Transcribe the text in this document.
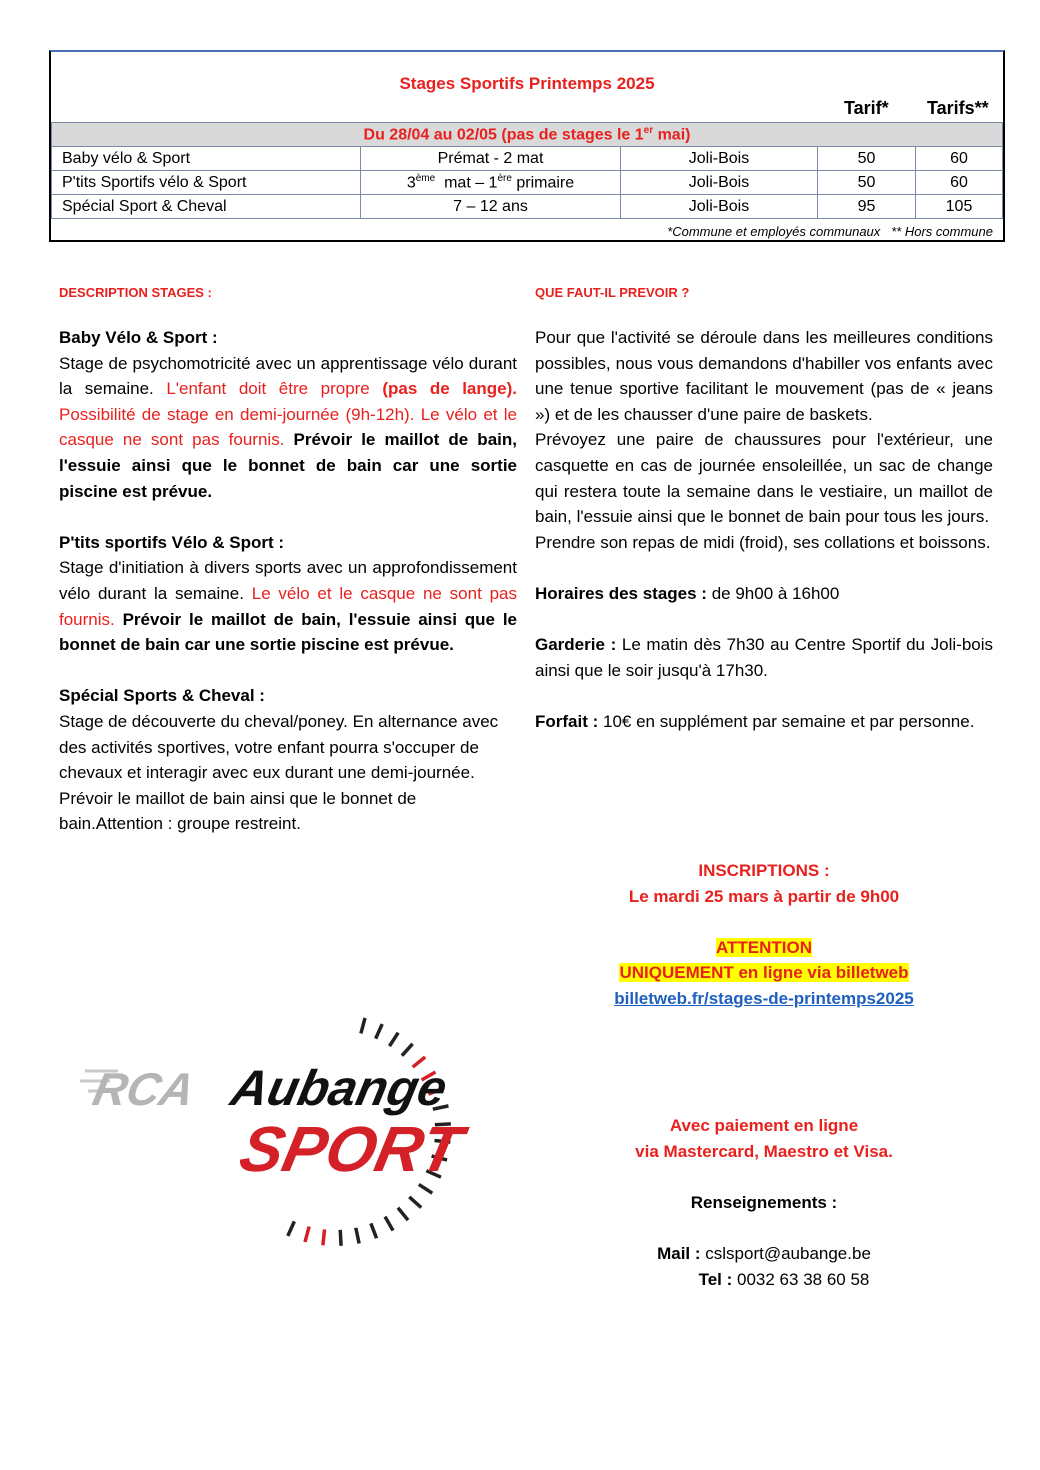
Stages Sportifs Printemps 2025
Tarif* Tarifs**
Du 28/04 au 02/05 (pas de stages le 1er mai)				
Baby vélo & Sport	Prémat - 2 mat	Joli-Bois	50	60
P'tits Sportifs vélo & Sport	3ème  mat – 1ère primaire	Joli-Bois	50	60
Spécial Sport & Cheval	7 – 12 ans	Joli-Bois	95	105
*Commune et employés communaux   ** Hors commune
DESCRIPTION STAGES :

Baby Vélo & Sport :
Stage de psychomotricité avec un apprentissage vélo durant la semaine. L'enfant doit être propre (pas de lange). Possibilité de stage en demi-journée (9h-12h). Le vélo et le casque ne sont pas fournis. Prévoir le maillot de bain, l'essuie ainsi que le bonnet de bain car une sortie piscine est prévue.

P'tits sportifs Vélo & Sport :
Stage d'initiation à divers sports avec un approfondissement vélo durant la semaine. Le vélo et le casque ne sont pas fournis. Prévoir le maillot de bain, l'essuie ainsi que le bonnet de bain car une sortie piscine est prévue.

Spécial Sports & Cheval :
Stage de découverte du cheval/poney. En alternance avec des activités sportives, votre enfant pourra s'occuper de chevaux et interagir avec eux durant une demi-journée. Prévoir le maillot de bain ainsi que le bonnet de bain.Attention : groupe restreint.

QUE FAUT-IL PREVOIR ?

Pour que l'activité se déroule dans les meilleures conditions possibles, nous vous demandons d'habiller vos enfants avec une tenue sportive facilitant le mouvement (pas de « jeans ») et de les chausser d'une paire de baskets.

Prévoyez une paire de chaussures pour l'extérieur, une casquette en cas de journée ensoleillée, un sac de change qui restera toute la semaine dans le vestiaire, un maillot de bain, l'essuie ainsi que le bonnet de bain pour tous les jours.

Prendre son repas de midi (froid), ses collations et boissons.

Horaires des stages : de 9h00 à 16h00

Garderie : Le matin dès 7h30 au Centre Sportif du Joli-bois ainsi que le soir jusqu'à 17h30.

Forfait : 10€ en supplément par semaine et par personne.

INSCRIPTIONS :
Le mardi 25 mars à partir de 9h00
ATTENTION
UNIQUEMENT en ligne via billetweb
billetweb.fr/stages-de-printemps2025
Avec paiement en ligne
via Mastercard, Maestro et Visa.
Renseignements :
Mail : cslsport@aubange.be
Tel : 0032 63 38 60 58
RCA Aubange
SPORT
